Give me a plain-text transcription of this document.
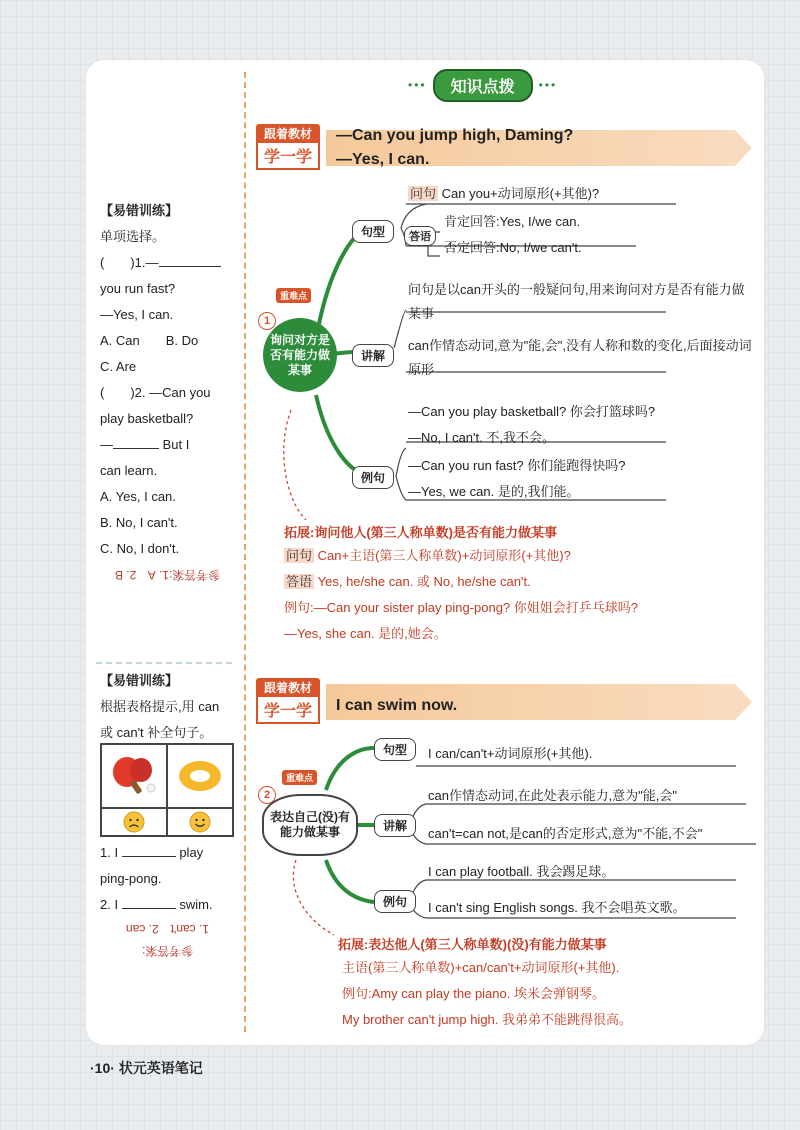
•••	知识点拨	•••
跟着教材
学一学
—Can you jump high, Daming?
—Yes, I can.
重难点
1
询问对方是否有能力做某事
句型
讲解
例句
问句 Can you+动词原形(+其他)?
答语
肯定回答:Yes, I/we can.
否定回答:No, I/we can't.
问句是以can开头的一般疑问句,用来询问对方是否有能力做某事
can作情态动词,意为"能,会",没有人称和数的变化,后面接动词原形
—Can you play basketball? 你会打篮球吗?
—No, I can't. 不,我不会。
—Can you run fast? 你们能跑得快吗?
—Yes, we can. 是的,我们能。
拓展:询问他人(第三人称单数)是否有能力做某事
问句 Can+主语(第三人称单数)+动词原形(+其他)?
答语 Yes, he/she can. 或 No, he/she can't.
例句:—Can your sister play ping-pong? 你姐姐会打乒乓球吗?
—Yes, she can. 是的,她会。
跟着教材
学一学	I can swim now.
重难点
2
表达自己(没)有能力做某事
句型
讲解
例句
I can/can't+动词原形(+其他).
can作情态动词,在此处表示能力,意为"能,会"
can't=can not,是can的否定形式,意为"不能,不会"
I can play football. 我会踢足球。
I can't sing English songs. 我不会唱英文歌。
拓展:表达他人(第三人称单数)(没)有能力做某事
主语(第三人称单数)+can/can't+动词原形(+其他).
例句:Amy can play the piano. 埃米会弹钢琴。
My brother can't jump high. 我弟弟不能跳得很高。
【易错训练】
单项选择。
(　　)1.—
you run fast?
—Yes, I can.
A. Can　　 B. Do
C. Are
(　　)2. —Can you
play basketball?
—	But I
can learn.
A. Yes, I can.
B. No, I can't.
C. No, I don't.
参考答案:1. A　2. B
【易错训练】
根据表格提示,用 can
或 can't 补全句子。
1. I	play
ping-pong.
2. I	swim.
1. can't　2. can
参考答案:
·10· 状元英语笔记
